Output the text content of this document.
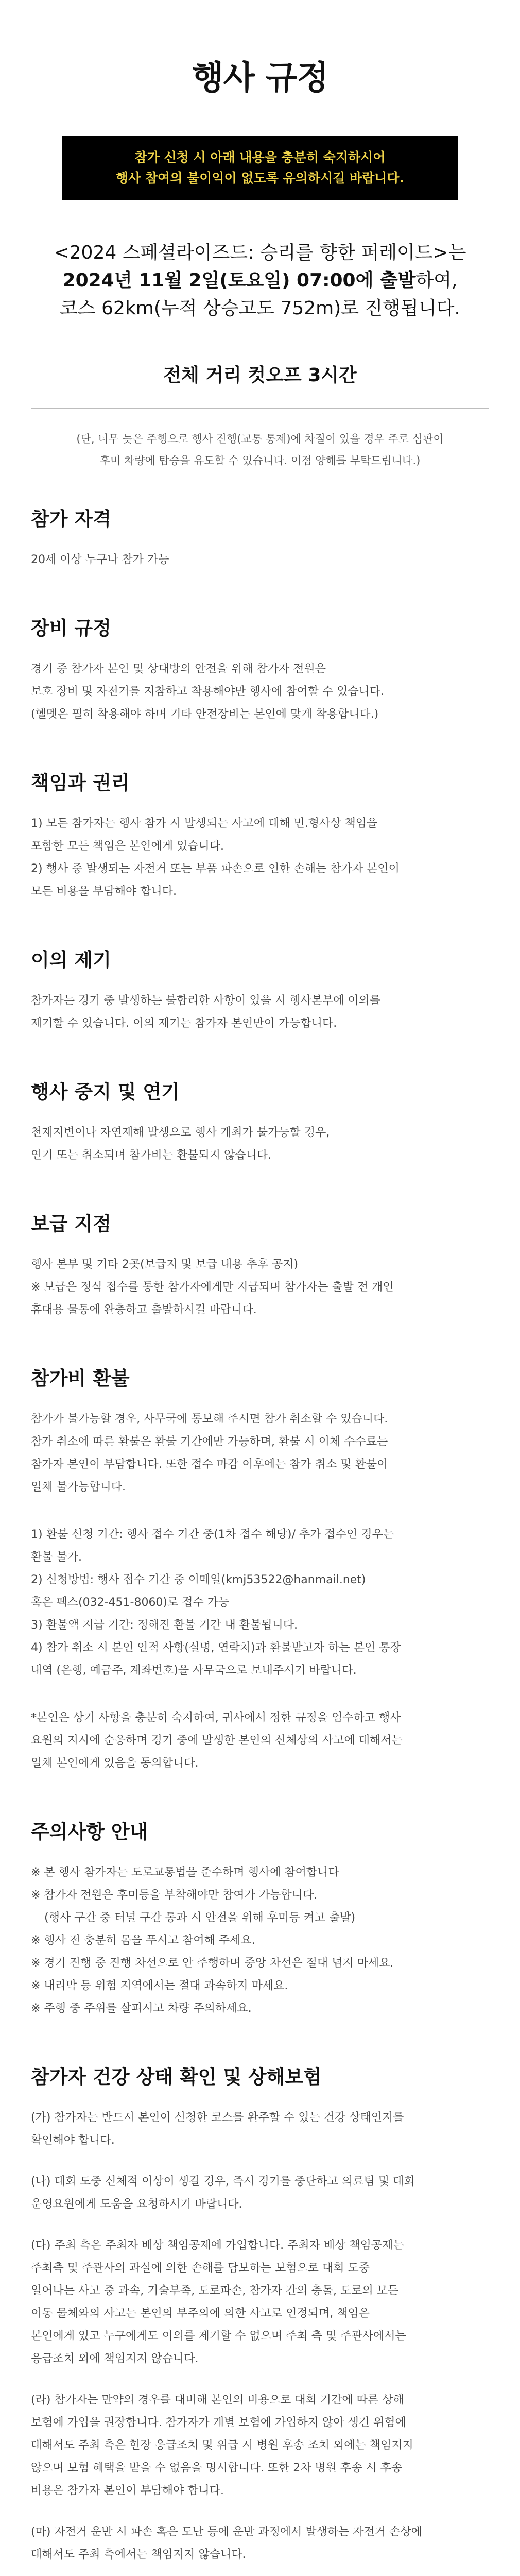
행사 규정
참가 신청 시 아래 내용을 충분히 숙지하시어
행사 참여의 불이익이 없도록 유의하시길 바랍니다.
<2024 스페셜라이즈드: 승리를 향한 퍼레이드>는
2024년 11월 2일(토요일) 07:00에 출발하여,
코스 62km(누적 상승고도 752m)로 진행됩니다.
전체 거리 컷오프 3시간
(단, 너무 늦은 주행으로 행사 진행(교통 통제)에 차질이 있을 경우 주로 심판이
후미 차량에 탑승을 유도할 수 있습니다. 이점 양해를 부탁드립니다.)
참가 자격

20세 이상 누구나 참가 가능

장비 규정

경기 중 참가자 본인 및 상대방의 안전을 위해 참가자 전원은

보호 장비 및 자전거를 지참하고 착용해야만 행사에 참여할 수 있습니다.

(헬멧은 필히 착용해야 하며 기타 안전장비는 본인에 맞게 착용합니다.)

책임과 권리

1) 모든 참가자는 행사 참가 시 발생되는 사고에 대해 민.형사상 책임을

포함한 모든 책임은 본인에게 있습니다.

2) 행사 중 발생되는 자전거 또는 부품 파손으로 인한 손해는 참가자 본인이

모든 비용을 부담해야 합니다.

이의 제기

참가자는 경기 중 발생하는 불합리한 사항이 있을 시 행사본부에 이의를

제기할 수 있습니다. 이의 제기는 참가자 본인만이 가능합니다.

행사 중지 및 연기

천재지변이나 자연재해 발생으로 행사 개최가 불가능할 경우,

연기 또는 취소되며 참가비는 환불되지 않습니다.

보급 지점

행사 본부 및 기타 2곳(보급지 및 보급 내용 추후 공지)

※ 보급은 정식 접수를 통한 참가자에게만 지급되며 참가자는 출발 전 개인

휴대용 물통에 완충하고 출발하시길 바랍니다.

참가비 환불

참가가 불가능할 경우, 사무국에 통보해 주시면 참가 취소할 수 있습니다.

참가 취소에 따른 환불은 환불 기간에만 가능하며, 환불 시 이체 수수료는

참가자 본인이 부담합니다. 또한 접수 마감 이후에는 참가 취소 및 환불이

일체 불가능합니다.

1) 환불 신청 기간: 행사 접수 기간 중(1차 접수 해당)/ 추가 접수인 경우는

환불 불가.

2) 신청방법: 행사 접수 기간 중 이메일(kmj53522@hanmail.net)

혹은 팩스(032-451-8060)로 접수 가능

3) 환불액 지급 기간: 정해진 환불 기간 내 환불됩니다.

4) 참가 취소 시 본인 인적 사항(실명, 연락처)과 환불받고자 하는 본인 통장

내역 (은행, 예금주, 계좌번호)을 사무국으로 보내주시기 바랍니다.

*본인은 상기 사항을 충분히 숙지하여, 귀사에서 정한 규정을 엄수하고 행사

요원의 지시에 순응하며 경기 중에 발생한 본인의 신체상의 사고에 대해서는

일체 본인에게 있음을 동의합니다.

주의사항 안내

※ 본 행사 참가자는 도로교통법을 준수하며 행사에 참여합니다

※ 참가자 전원은 후미등을 부착해야만 참여가 가능합니다.

(행사 구간 중 터널 구간 통과 시 안전을 위해 후미등 켜고 출발)

※ 행사 전 충분히 몸을 푸시고 참여해 주세요.

※ 경기 진행 중 진행 차선으로 안 주행하며 중앙 차선은 절대 넘지 마세요.

※ 내리막 등 위험 지역에서는 절대 과속하지 마세요.

※ 주행 중 주위를 살피시고 차량 주의하세요.

참가자 건강 상태 확인 및 상해보험

(가) 참가자는 반드시 본인이 신청한 코스를 완주할 수 있는 건강 상태인지를

확인해야 합니다.

(나) 대회 도중 신체적 이상이 생길 경우, 즉시 경기를 중단하고 의료팀 및 대회

운영요원에게 도움을 요청하시기 바랍니다.

(다) 주최 측은 주최자 배상 책임공제에 가입합니다. 주최자 배상 책임공제는

주최측 및 주관사의 과실에 의한 손해를 담보하는 보험으로 대회 도중

일어나는 사고 중 과속, 기술부족, 도로파손, 참가자 간의 충돌, 도로의 모든

이동 물체와의 사고는 본인의 부주의에 의한 사고로 인정되며, 책임은

본인에게 있고 누구에게도 이의를 제기할 수 없으며 주최 측 및 주관사에서는

응급조치 외에 책임지지 않습니다.

(라) 참가자는 만약의 경우를 대비해 본인의 비용으로 대회 기간에 따른 상해

보험에 가입을 권장합니다. 참가자가 개별 보험에 가입하지 않아 생긴 위험에

대해서도 주최 측은 현장 응급조치 및 위급 시 병원 후송 조치 외에는 책임지지

않으며 보험 혜택을 받을 수 없음을 명시합니다. 또한 2차 병원 후송 시 후송

비용은 참가자 본인이 부담해야 합니다.

(마) 자전거 운반 시 파손 혹은 도난 등에 운반 과정에서 발생하는 자전거 손상에

대해서도 주최 측에서는 책임지지 않습니다.
